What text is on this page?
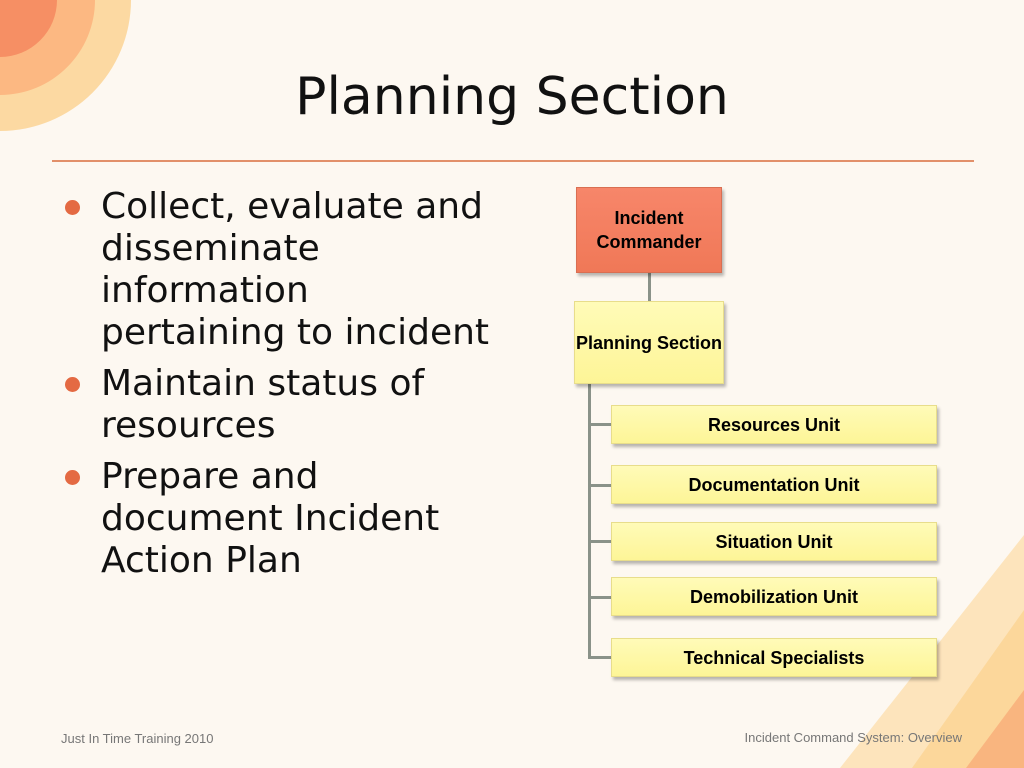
Planning Section
Collect, evaluate and disseminate information pertaining to incident
Maintain status of resources
Prepare and document Incident Action Plan
Incident Commander
Planning Section
Resources Unit
Documentation Unit
Situation Unit
Demobilization Unit
Technical Specialists
Just In Time Training 2010	Incident Command System: Overview
